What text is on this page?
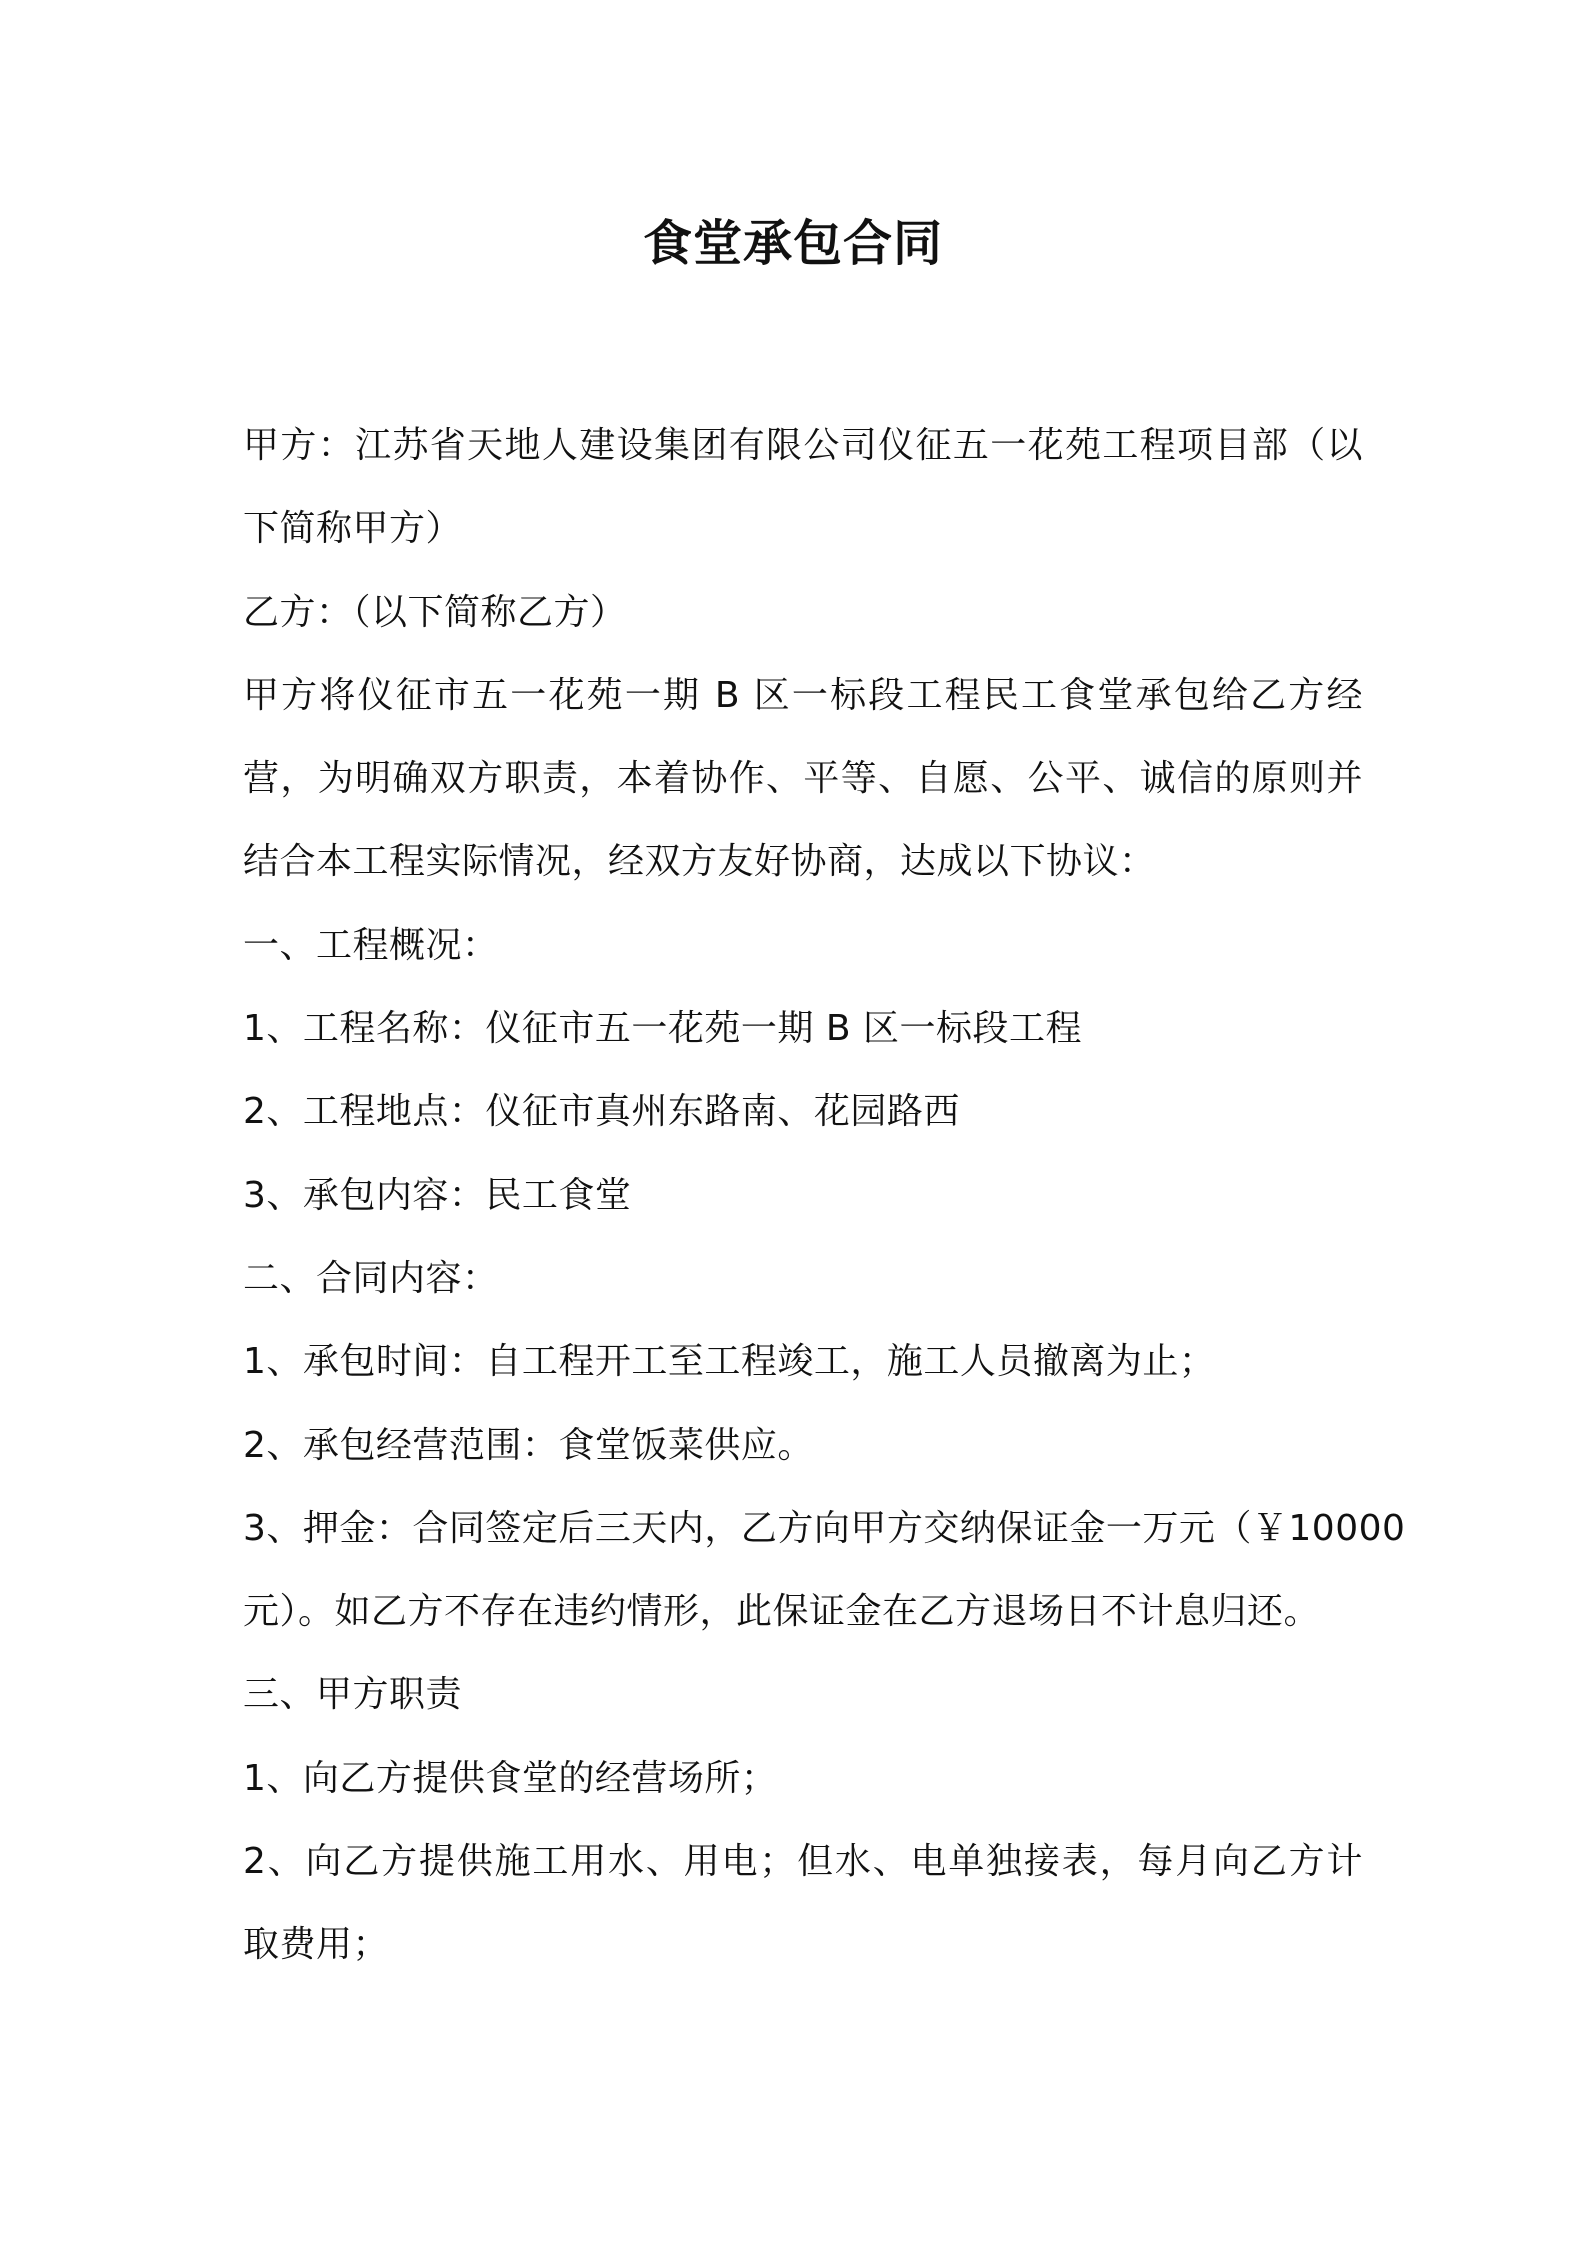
食堂承包合同
甲方：江苏省天地人建设集团有限公司仪征五一花苑工程项目部（以
下简称甲方）
乙方：（以下简称乙方）
甲方将仪征市五一花苑一期 B 区一标段工程民工食堂承包给乙方经
营，为明确双方职责，本着协作、平等、自愿、公平、诚信的原则并
结合本工程实际情况，经双方友好协商，达成以下协议：
一、工程概况：
1、工程名称：仪征市五一花苑一期 B 区一标段工程
2、工程地点：仪征市真州东路南、花园路西
3、承包内容：民工食堂
二、合同内容：
1、承包时间：自工程开工至工程竣工，施工人员撤离为止；
2、承包经营范围：食堂饭菜供应。
3、押金：合同签定后三天内，乙方向甲方交纳保证金一万元（￥10000
元）。如乙方不存在违约情形，此保证金在乙方退场日不计息归还。
三、甲方职责
1、向乙方提供食堂的经营场所；
2、向乙方提供施工用水、用电；但水、电单独接表，每月向乙方计
取费用；
